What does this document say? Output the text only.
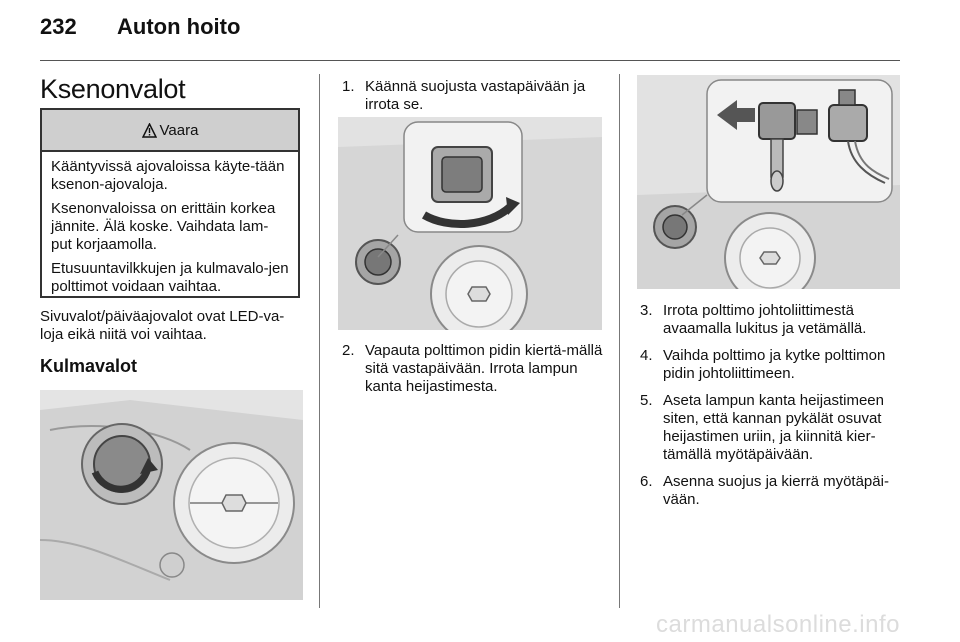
232 Auton hoito
Ksenonvalot
Vaara

Kääntyvissä ajovaloissa käyte-tään ksenon-ajovaloja.

Ksenonvaloissa on erittäin korkea jännite. Älä koske. Vaihdata lam-put korjaamolla.

Etusuuntavilkkujen ja kulmavalo-jen polttimot voidaan vaihtaa.

Sivuvalot/päiväajovalot ovat LED-va-loja eikä niitä voi vaihtaa.
Kulmavalot
1. Käännä suojusta vastapäivään ja irrota se.
2. Vapauta polttimon pidin kiertä-mällä sitä vastapäivään. Irrota lampun kanta heijastimesta.
3. Irrota polttimo johtoliittimestä avaamalla lukitus ja vetämällä.
4. Vaihda polttimo ja kytke polttimon pidin johtoliittimeen.
5. Aseta lampun kanta heijastimeen siten, että kannan pykälät osuvat heijastimen uriin, ja kiinnitä kier-tämällä myötäpäivään.
6. Asenna suojus ja kierrä myötäpäi-vään.
carmanualsonline.info
